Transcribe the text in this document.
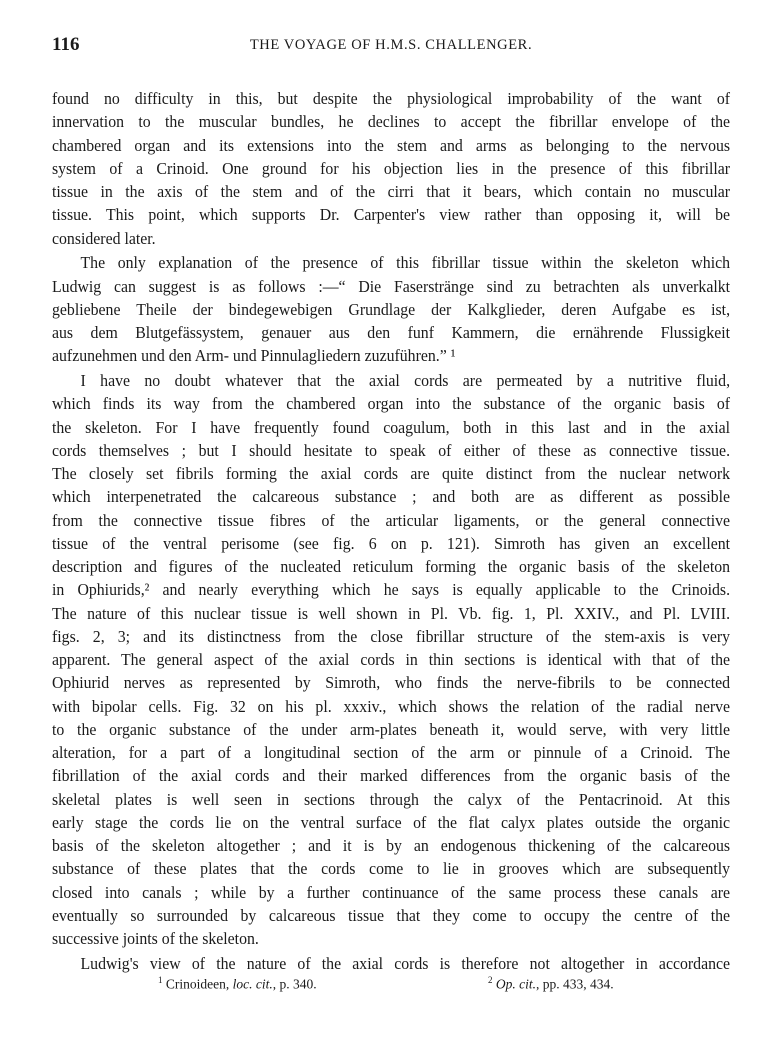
116	THE VOYAGE OF H.M.S. CHALLENGER.
found no difficulty in this, but despite the physiological improbability of the want of
innervation to the muscular bundles, he declines to accept the fibrillar envelope of the
chambered organ and its extensions into the stem and arms as belonging to the nervous
system of a Crinoid. One ground for his objection lies in the presence of this fibrillar
tissue in the axis of the stem and of the cirri that it bears, which contain no muscular
tissue. This point, which supports Dr. Carpenter's view rather than opposing it, will be
considered later.
The only explanation of the presence of this fibrillar tissue within the skeleton which
Ludwig can suggest is as follows :—“ Die Faserstränge sind zu betrachten als unverkalkt
gebliebene Theile der bindegewebigen Grundlage der Kalkglieder, deren Aufgabe es ist,
aus dem Blutgefässystem, genauer aus den funf Kammern, die ernährende Flussigkeit
aufzunehmen und den Arm- und Pinnulagliedern zuzuführen.” ¹
I have no doubt whatever that the axial cords are permeated by a nutritive fluid,
which finds its way from the chambered organ into the substance of the organic basis of
the skeleton. For I have frequently found coagulum, both in this last and in the axial
cords themselves ; but I should hesitate to speak of either of these as connective tissue.
The closely set fibrils forming the axial cords are quite distinct from the nuclear network
which interpenetrated the calcareous substance ; and both are as different as possible
from the connective tissue fibres of the articular ligaments, or the general connective
tissue of the ventral perisome (see fig. 6 on p. 121). Simroth has given an excellent
description and figures of the nucleated reticulum forming the organic basis of the skeleton
in Ophiurids,² and nearly everything which he says is equally applicable to the Crinoids.
The nature of this nuclear tissue is well shown in Pl. Vb. fig. 1, Pl. XXIV., and Pl. LVIII.
figs. 2, 3; and its distinctness from the close fibrillar structure of the stem-axis is very
apparent. The general aspect of the axial cords in thin sections is identical with that of the
Ophiurid nerves as represented by Simroth, who finds the nerve-fibrils to be connected
with bipolar cells. Fig. 32 on his pl. xxxiv., which shows the relation of the radial nerve
to the organic substance of the under arm-plates beneath it, would serve, with very little
alteration, for a part of a longitudinal section of the arm or pinnule of a Crinoid. The
fibrillation of the axial cords and their marked differences from the organic basis of the
skeletal plates is well seen in sections through the calyx of the Pentacrinoid. At this
early stage the cords lie on the ventral surface of the flat calyx plates outside the organic
basis of the skeleton altogether ; and it is by an endogenous thickening of the calcareous
substance of these plates that the cords come to lie in grooves which are subsequently
closed into canals ; while by a further continuance of the same process these canals are
eventually so surrounded by calcareous tissue that they come to occupy the centre of the
successive joints of the skeleton.
Ludwig's view of the nature of the axial cords is therefore not altogether in accordance
$^1$ Crinoideen, loc. cit., p. 340.	$^2$ Op. cit., pp. 433, 434.
